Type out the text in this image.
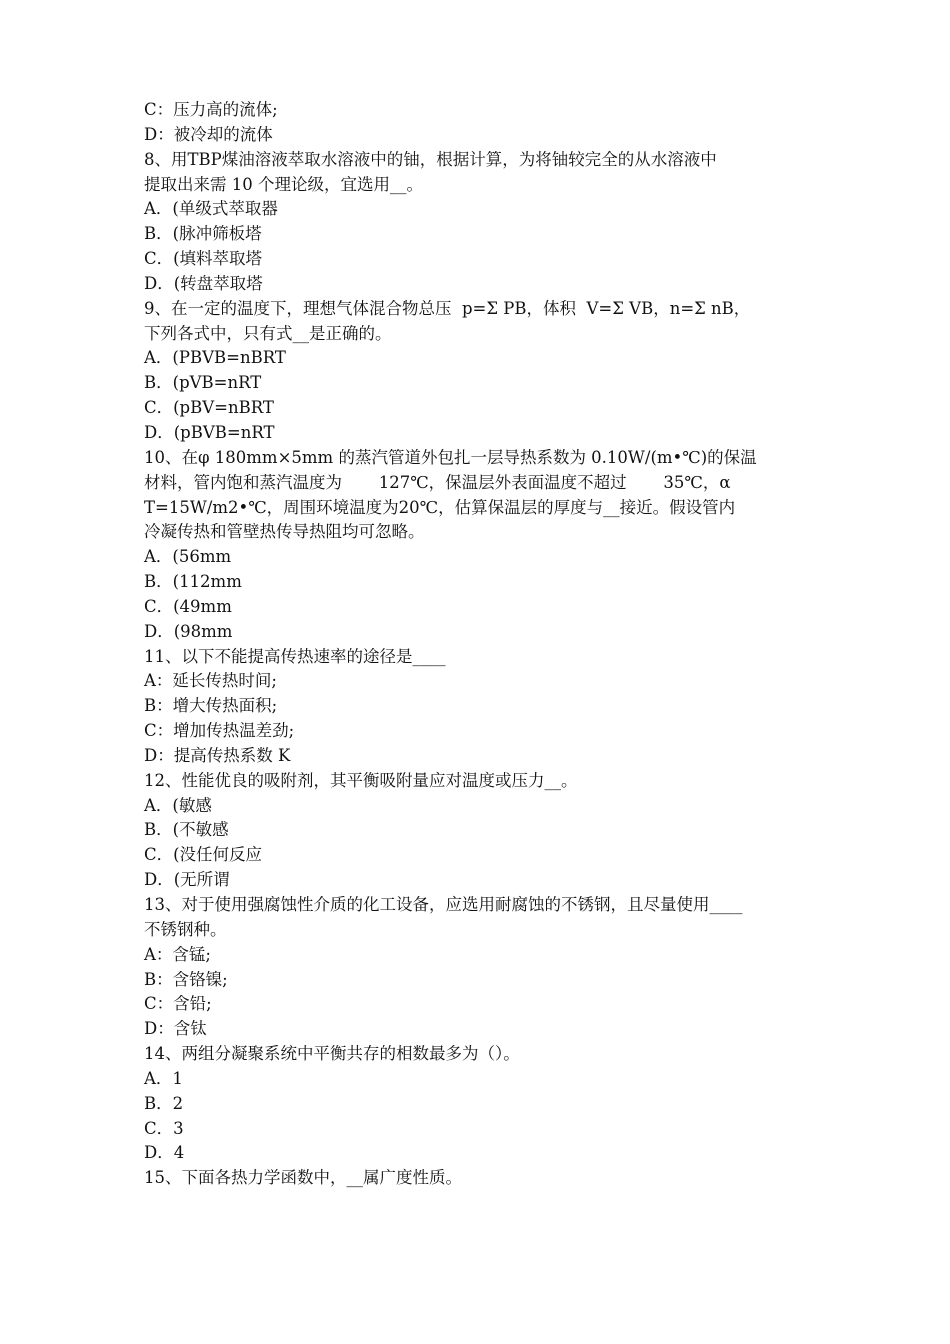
C：压力高的流体;
D：被冷却的流体
8、用TBP煤油溶液萃取水溶液中的铀，根据计算，为将铀较完全的从水溶液中
提取出来需 10 个理论级，宜选用__。
A．(单级式萃取器
B．(脉冲筛板塔
C．(填料萃取塔
D．(转盘萃取塔
9、在一定的温度下，理想气体混合物总压  p=Σ PB，体积  V=Σ VB，n=Σ nB，
下列各式中，只有式__是正确的。
A．(PBVB=nBRT
B．(pVB=nRT
C．(pBV=nBRT
D．(pBVB=nRT
10、在φ 180mm×5mm 的蒸汽管道外包扎一层导热系数为 0.10W/(m•℃)的保温
材料，管内饱和蒸汽温度为       127℃，保温层外表面温度不超过       35℃，α
T=15W/m2•℃，周围环境温度为20℃，估算保温层的厚度与__接近。假设管内
冷凝传热和管壁热传导热阻均可忽略。
A．(56mm
B．(112mm
C．(49mm
D．(98mm
11、以下不能提高传热速率的途径是____
A：延长传热时间;
B：增大传热面积;
C：增加传热温差劲;
D：提高传热系数 K
12、性能优良的吸附剂，其平衡吸附量应对温度或压力__。
A．(敏感
B．(不敏感
C．(没任何反应
D．(无所谓
13、对于使用强腐蚀性介质的化工设备，应选用耐腐蚀的不锈钢，且尽量使用____
不锈钢种。
A：含锰;
B：含铬镍;
C：含铅;
D：含钛
14、两组分凝聚系统中平衡共存的相数最多为（）。
A．1
B．2
C．3
D．4
15、下面各热力学函数中，__属广度性质。
